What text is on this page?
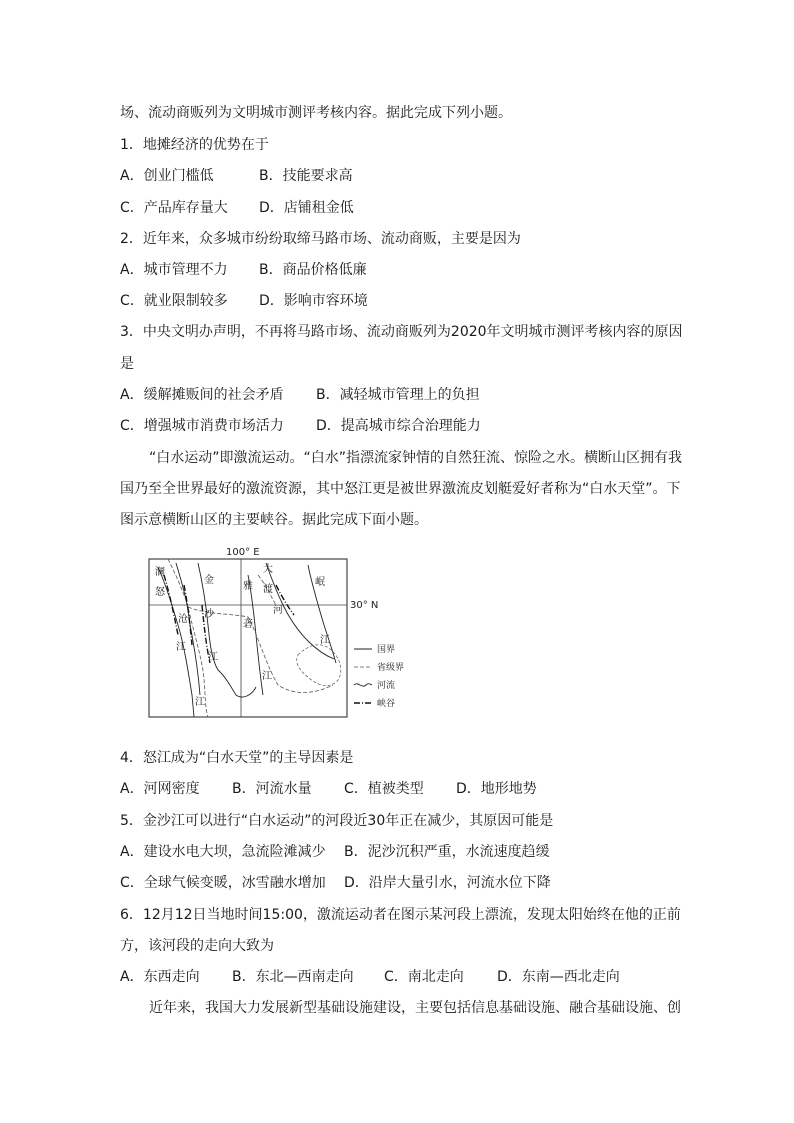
场、流动商贩列为文明城市测评考核内容。据此完成下列小题。
1．地摊经济的优势在于
A．创业门槛低	B．技能要求高
C．产品库存量大 D．店铺租金低
2．近年来，众多城市纷纷取缔马路市场、流动商贩，主要是因为
A．城市管理不力 B．商品价格低廉
C．就业限制较多 D．影响市容环境
3．中央文明办声明，不再将马路市场、流动商贩列为2020年文明城市测评考核内容的原因
是
A．缓解摊贩间的社会矛盾 B．减轻城市管理上的负担
C．增强城市消费市场活力 D．提高城市综合治理能力
“白水运动”即激流运动。“白水”指漂流家钟情的自然狂流、惊险之水。横断山区拥有我
国乃至全世界最好的激流资源，其中怒江更是被世界激流皮划艇爱好者称为“白水天堂”。下
图示意横断山区的主要峡谷。据此完成下面小题。
100° E
30° N
澜
怒
金
沙
沧
江
江
江
雅
砻
江
大
渡
河
岷
江
国界
省级界
河流
峡谷
4．怒江成为“白水天堂”的主导因素是
A．河网密度 B．河流水量 C．植被类型 D．地形地势
5．金沙江可以进行“白水运动”的河段近30年正在减少，其原因可能是
A．建设水电大坝，急流险滩减少 B．泥沙沉积严重，水流速度趋缓
C．全球气候变暖，冰雪融水增加 D．沿岸大量引水，河流水位下降
6．12月12日当地时间15:00，激流运动者在图示某河段上漂流，发现太阳始终在他的正前
方，该河段的走向大致为
A．东西走向 B．东北—西南走向 C．南北走向 D．东南—西北走向
近年来，我国大力发展新型基础设施建设，主要包括信息基础设施、融合基础设施、创
